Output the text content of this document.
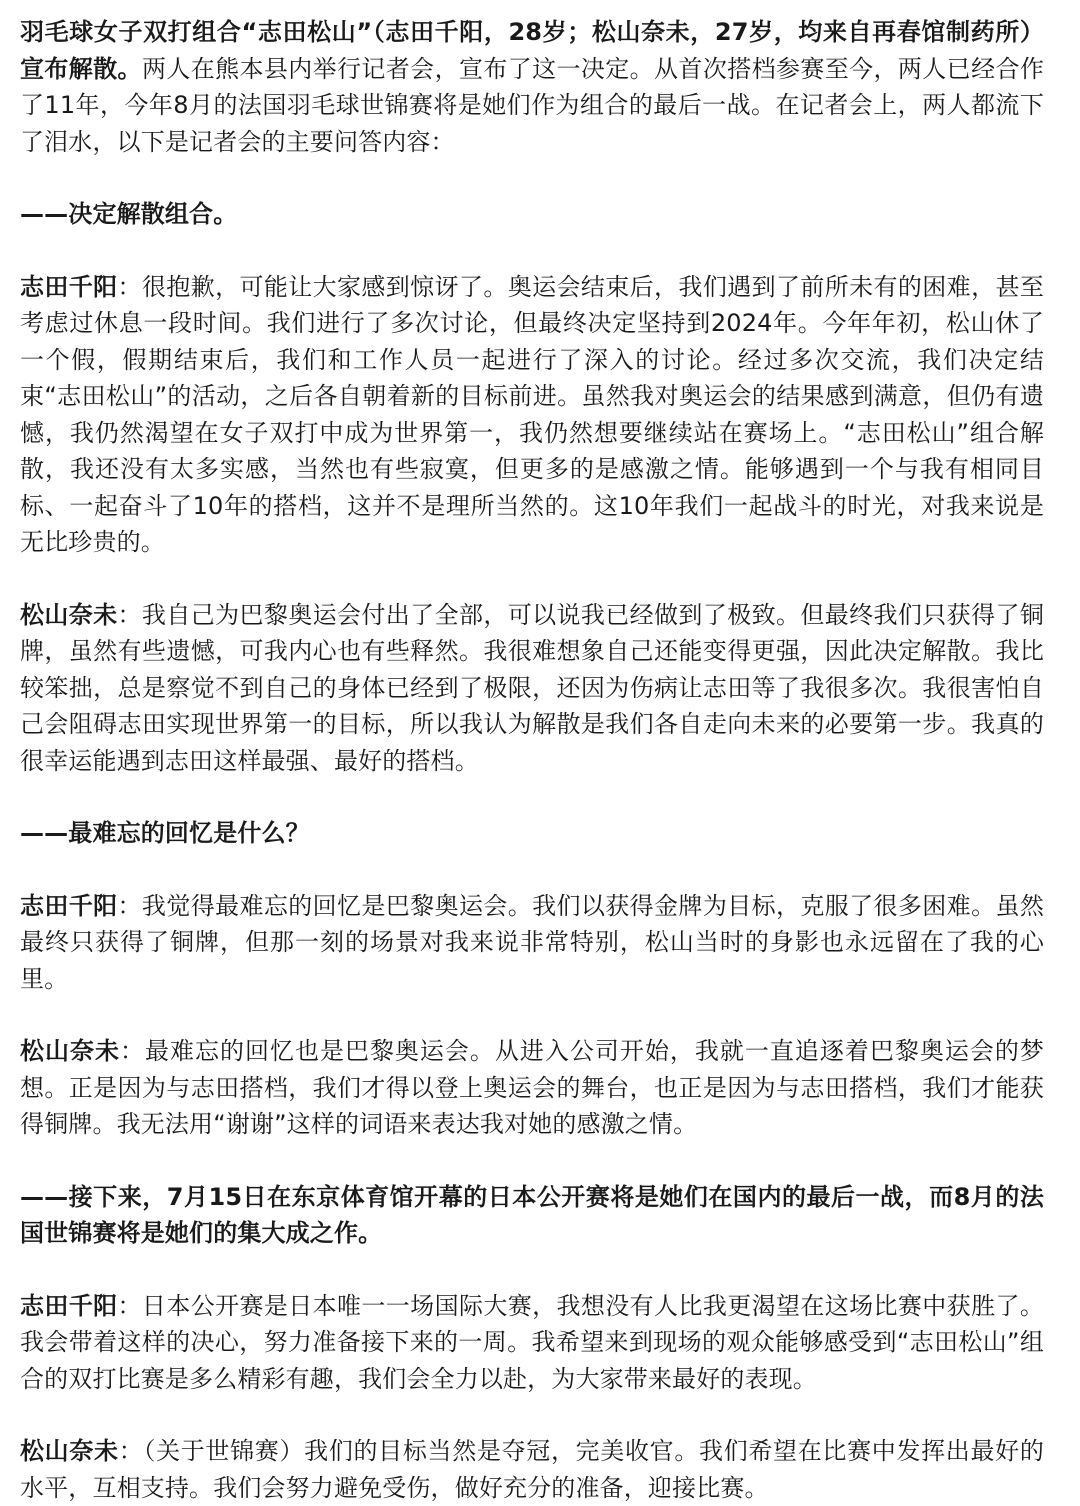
羽毛球女子双打组合“志田松山”（志田千阳，28岁；松山奈未，27岁，均来自再春馆制药所）宣布解散。两人在熊本县内举行记者会，宣布了这一决定。从首次搭档参赛至今，两人已经合作了11年，今年8月的法国羽毛球世锦赛将是她们作为组合的最后一战。在记者会上，两人都流下了泪水，以下是记者会的主要问答内容：

——决定解散组合。

志田千阳：很抱歉，可能让大家感到惊讶了。奥运会结束后，我们遇到了前所未有的困难，甚至考虑过休息一段时间。我们进行了多次讨论，但最终决定坚持到2024年。今年年初，松山休了一个假，假期结束后，我们和工作人员一起进行了深入的讨论。经过多次交流，我们决定结束“志田松山”的活动，之后各自朝着新的目标前进。虽然我对奥运会的结果感到满意，但仍有遗憾，我仍然渴望在女子双打中成为世界第一，我仍然想要继续站在赛场上。“志田松山”组合解散，我还没有太多实感，当然也有些寂寞，但更多的是感激之情。能够遇到一个与我有相同目标、一起奋斗了10年的搭档，这并不是理所当然的。这10年我们一起战斗的时光，对我来说是无比珍贵的。

松山奈未：我自己为巴黎奥运会付出了全部，可以说我已经做到了极致。但最终我们只获得了铜牌，虽然有些遗憾，可我内心也有些释然。我很难想象自己还能变得更强，因此决定解散。我比较笨拙，总是察觉不到自己的身体已经到了极限，还因为伤病让志田等了我很多次。我很害怕自己会阻碍志田实现世界第一的目标，所以我认为解散是我们各自走向未来的必要第一步。我真的很幸运能遇到志田这样最强、最好的搭档。

——最难忘的回忆是什么？

志田千阳：我觉得最难忘的回忆是巴黎奥运会。我们以获得金牌为目标，克服了很多困难。虽然最终只获得了铜牌，但那一刻的场景对我来说非常特别，松山当时的身影也永远留在了我的心里。

松山奈未：最难忘的回忆也是巴黎奥运会。从进入公司开始，我就一直追逐着巴黎奥运会的梦想。正是因为与志田搭档，我们才得以登上奥运会的舞台，也正是因为与志田搭档，我们才能获得铜牌。我无法用“谢谢”这样的词语来表达我对她的感激之情。

——接下来，7月15日在东京体育馆开幕的日本公开赛将是她们在国内的最后一战，而8月的法国世锦赛将是她们的集大成之作。

志田千阳：日本公开赛是日本唯一一场国际大赛，我想没有人比我更渴望在这场比赛中获胜了。我会带着这样的决心，努力准备接下来的一周。我希望来到现场的观众能够感受到“志田松山”组合的双打比赛是多么精彩有趣，我们会全力以赴，为大家带来最好的表现。

松山奈未：（关于世锦赛）我们的目标当然是夺冠，完美收官。我们希望在比赛中发挥出最好的水平，互相支持。我们会努力避免受伤，做好充分的准备，迎接比赛。
